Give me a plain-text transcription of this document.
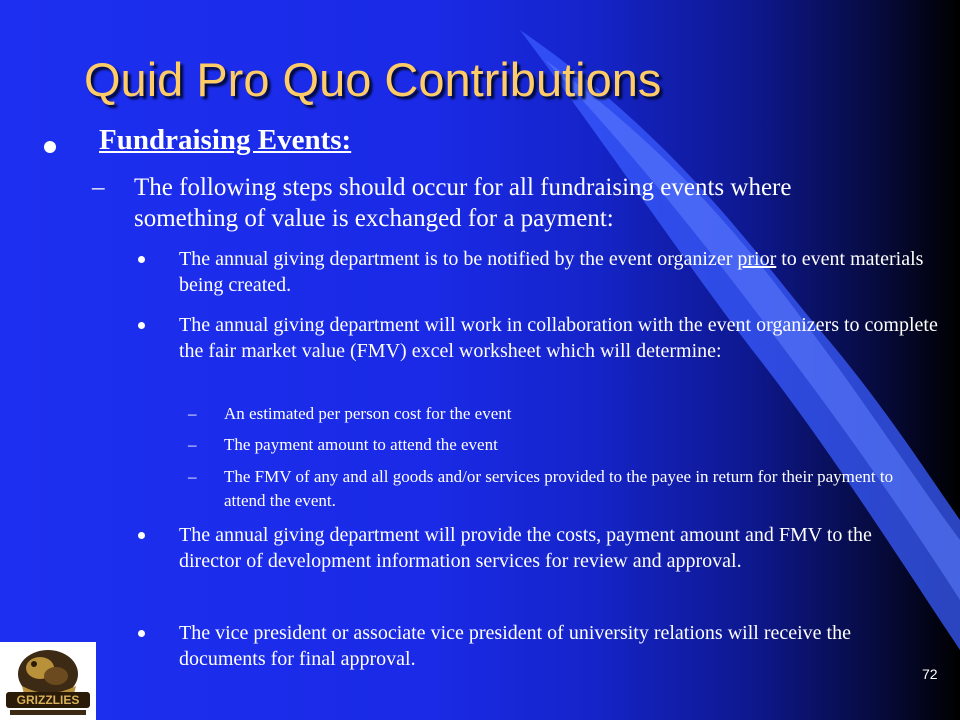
Quid Pro Quo Contributions
Fundraising Events:
– The following steps should occur for all fundraising events where something of value is exchanged for a payment:
The annual giving department is to be notified by the event organizer prior to event materials being created.
The annual giving department will work in collaboration with the event organizers to complete the fair market value (FMV) excel worksheet which will determine:
– An estimated per person cost for the event
– The payment amount to attend the event
– The FMV of any and all goods and/or services provided to the payee in return for their payment to attend the event.
The annual giving department will provide the costs, payment amount and FMV to the director of development information services for review and approval.
The vice president or associate vice president of university relations will receive the documents for final approval.
GRIZZLIES
72
